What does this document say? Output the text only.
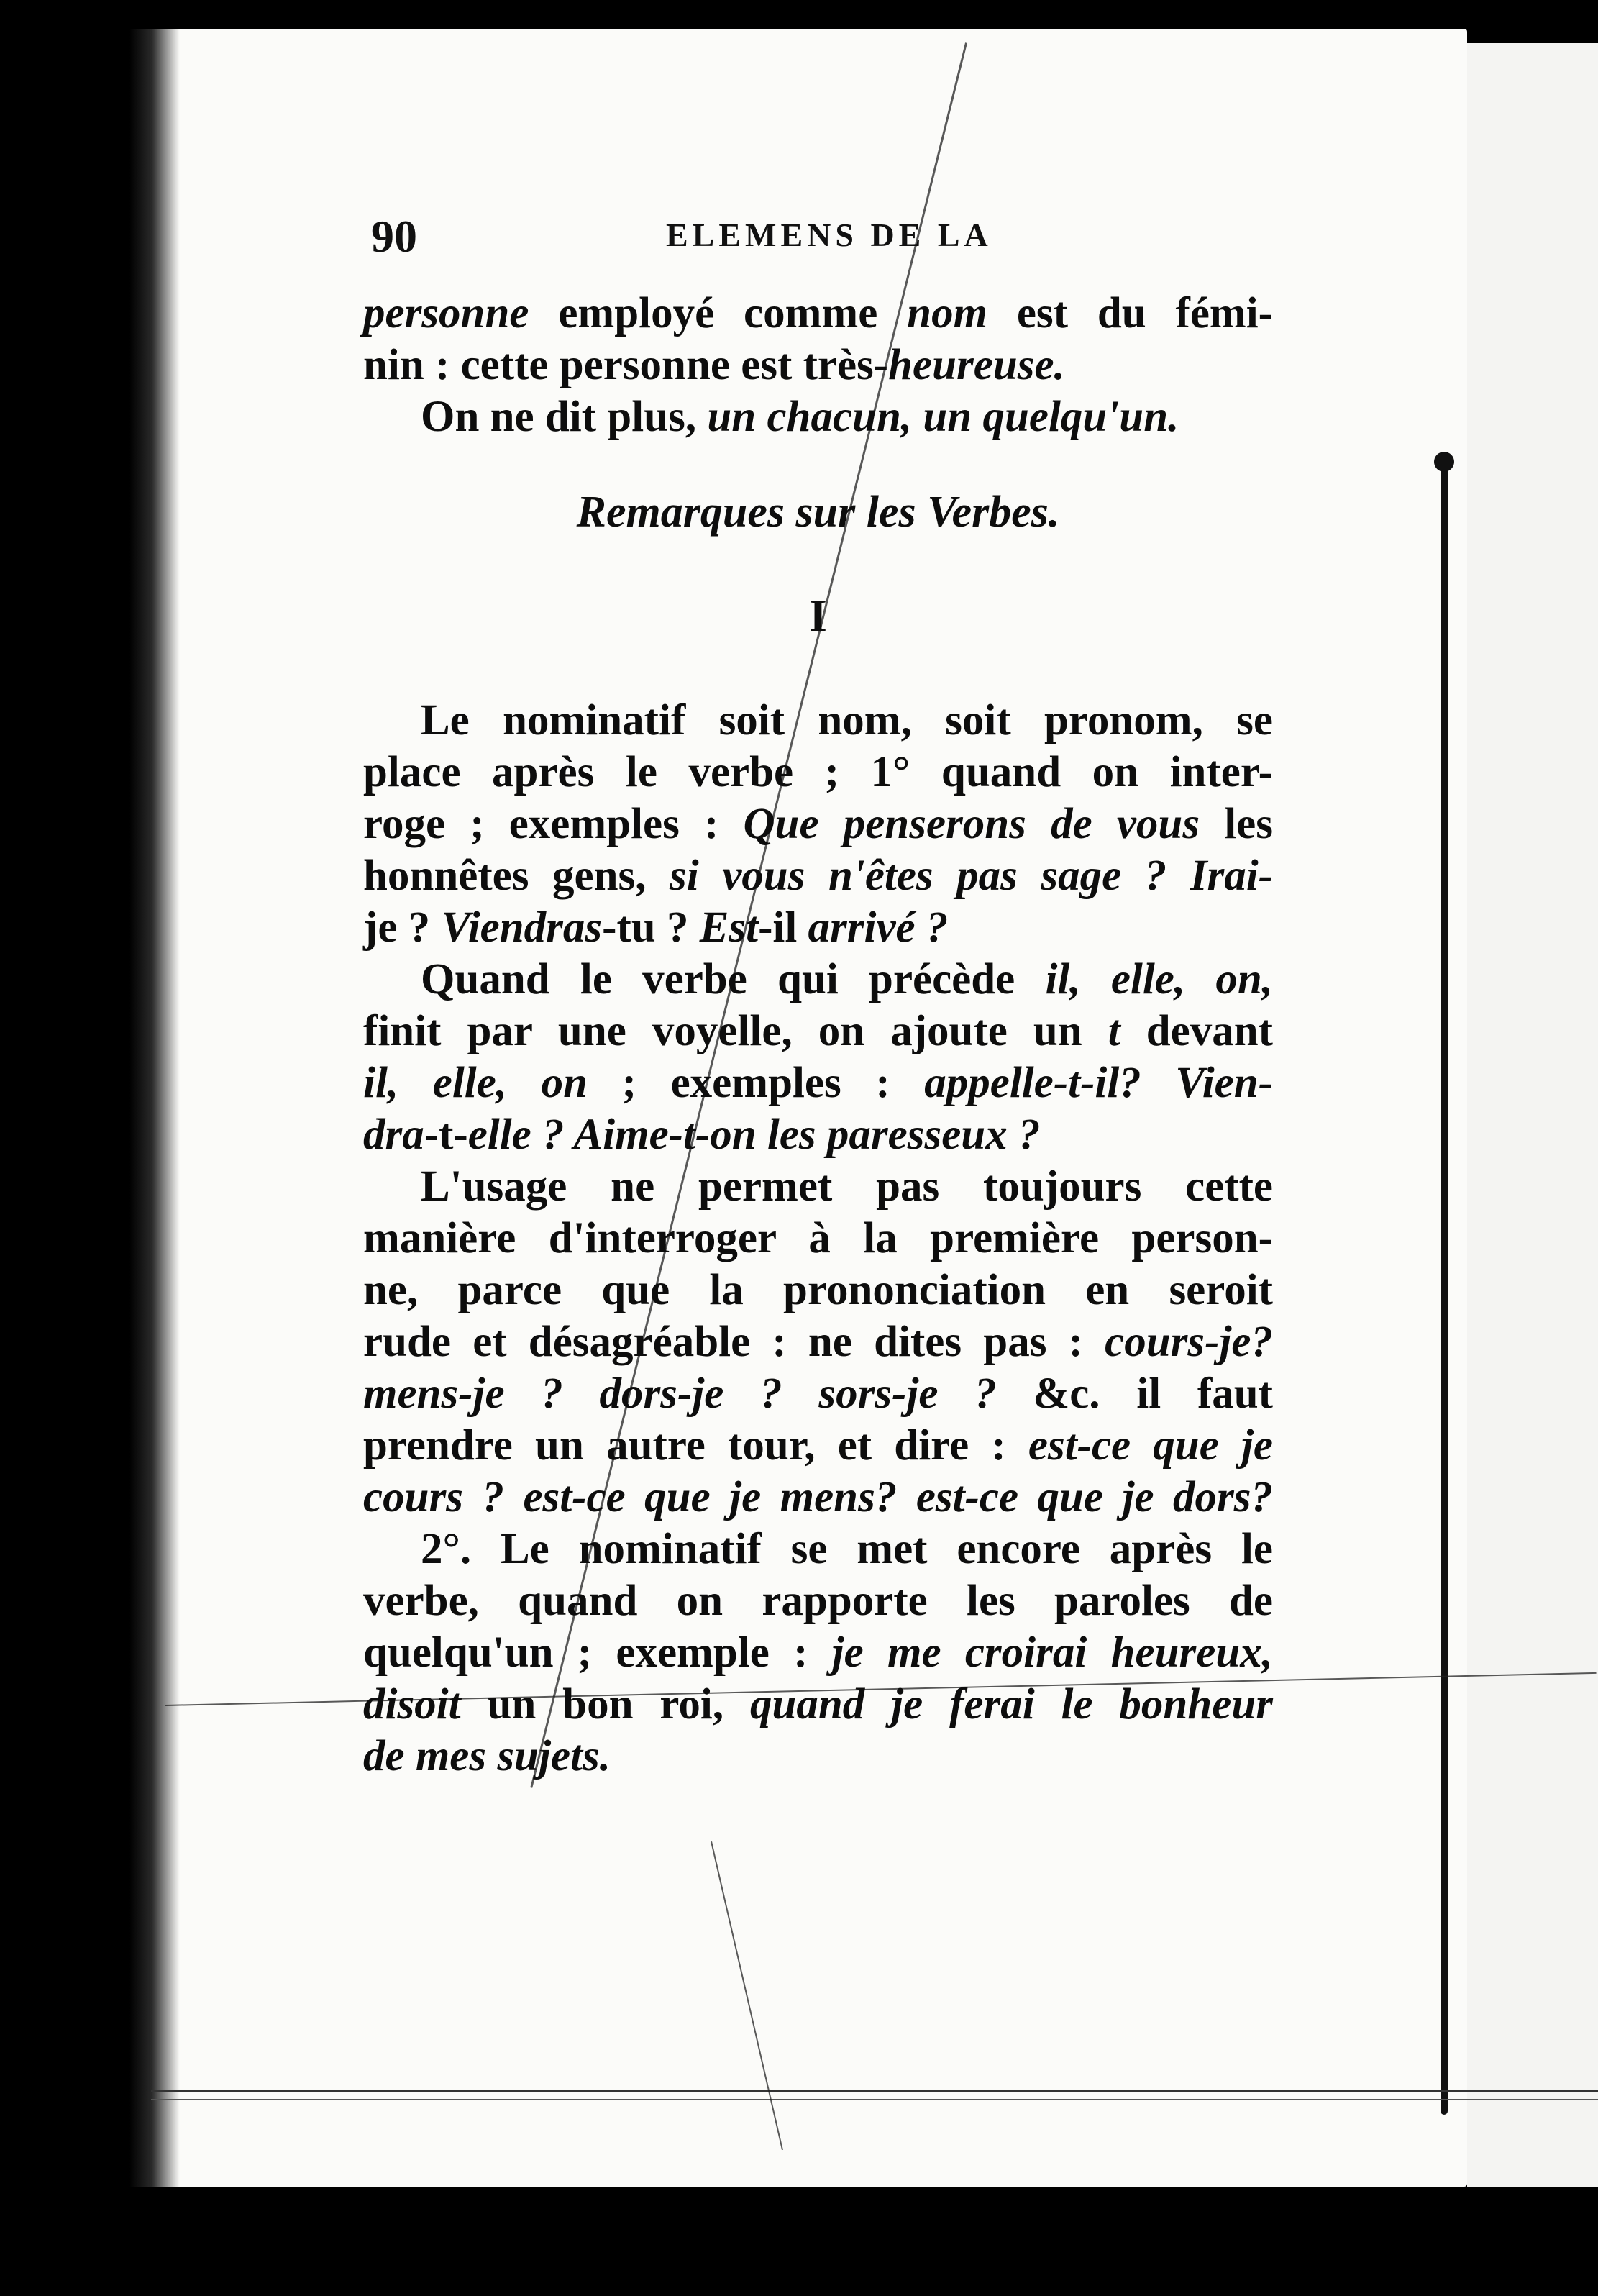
90	ELEMENS DE LA
personne employé comme nom est du fémi-
nin : cette personne est très-heureuse.
On ne dit plus, un chacun, un quelqu'un.
Remarques sur les Verbes.
I
Le nominatif soit nom, soit pronom, se
place après le verbe ; 1° quand on inter-
roge ; exemples : Que penserons de vous les
honnêtes gens, si vous n'êtes pas sage ? Irai-
je ? Viendras-tu ? Est-il arrivé ?
Quand le verbe qui précède il, elle, on,
finit par une voyelle, on ajoute un t devant
il, elle, on ; exemples : appelle-t-il? Vien-
dra-t-elle ? Aime-t-on les paresseux ?
L'usage ne permet pas toujours cette
manière d'interroger à la première person-
ne, parce que la prononciation en seroit
rude et désagréable : ne dites pas : cours-je?
mens-je ? dors-je ? sors-je ? &c. il faut
prendre un autre tour, et dire : est-ce que je
cours ? est-ce que je mens? est-ce que je dors?
2°. Le nominatif se met encore après le
verbe, quand on rapporte les paroles de
quelqu'un ; exemple : je me croirai heureux,
disoit un bon roi, quand je ferai le bonheur
de mes sujets.
